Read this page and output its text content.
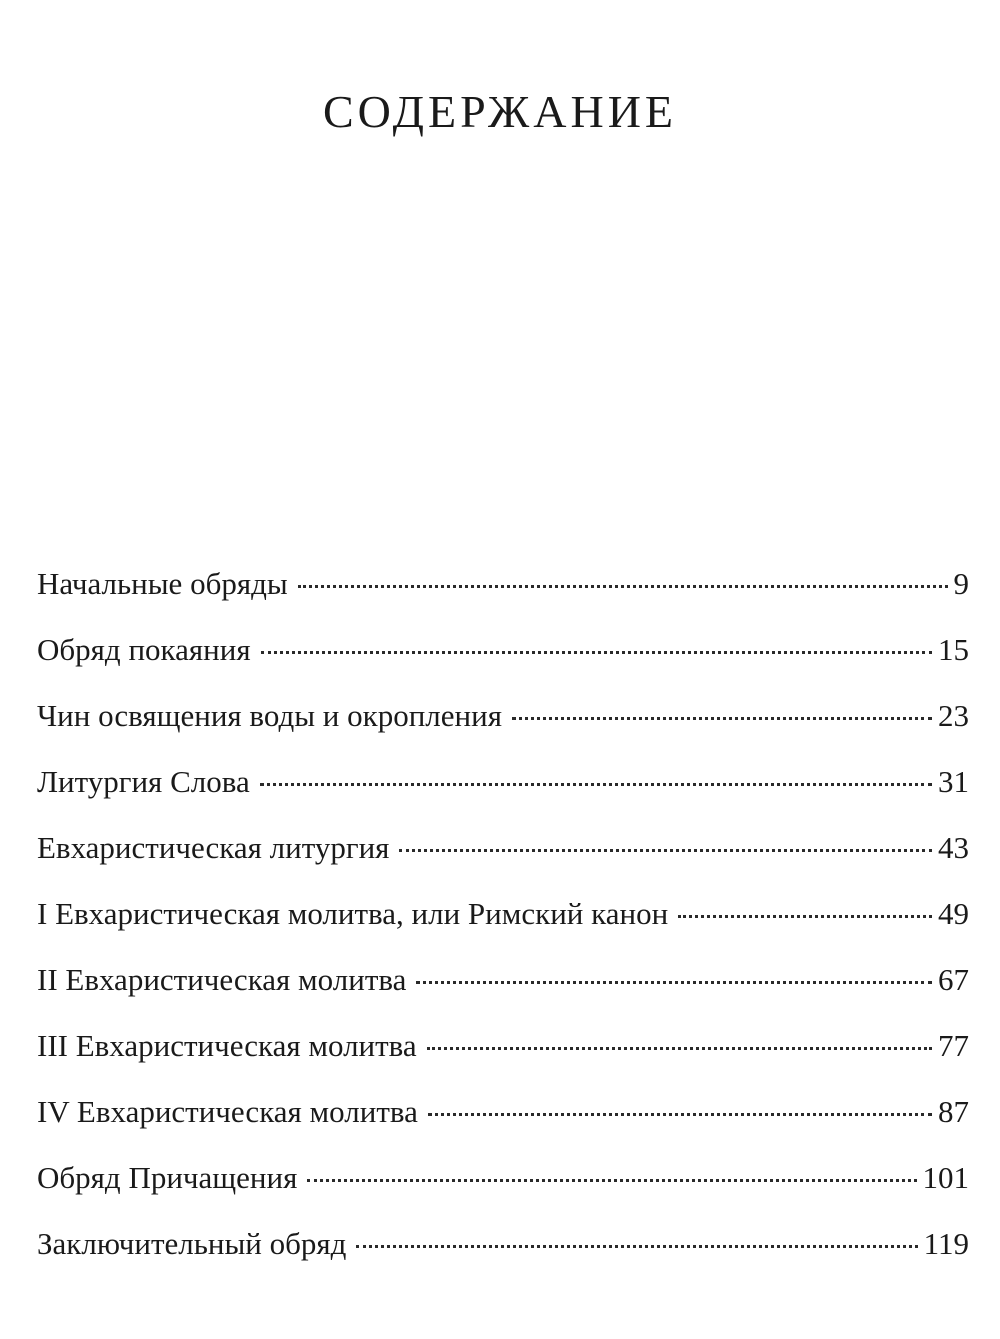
СОДЕРЖАНИЕ
Начальные обряды	9
Обряд покаяния	15
Чин освящения воды и окропления	23
Литургия Слова	31
Евхаристическая литургия	43
I Евхаристическая молитва, или Римский канон	49
II Евхаристическая молитва	67
III Евхаристическая молитва	77
IV Евхаристическая молитва	87
Обряд Причащения	101
Заключительный обряд	119
